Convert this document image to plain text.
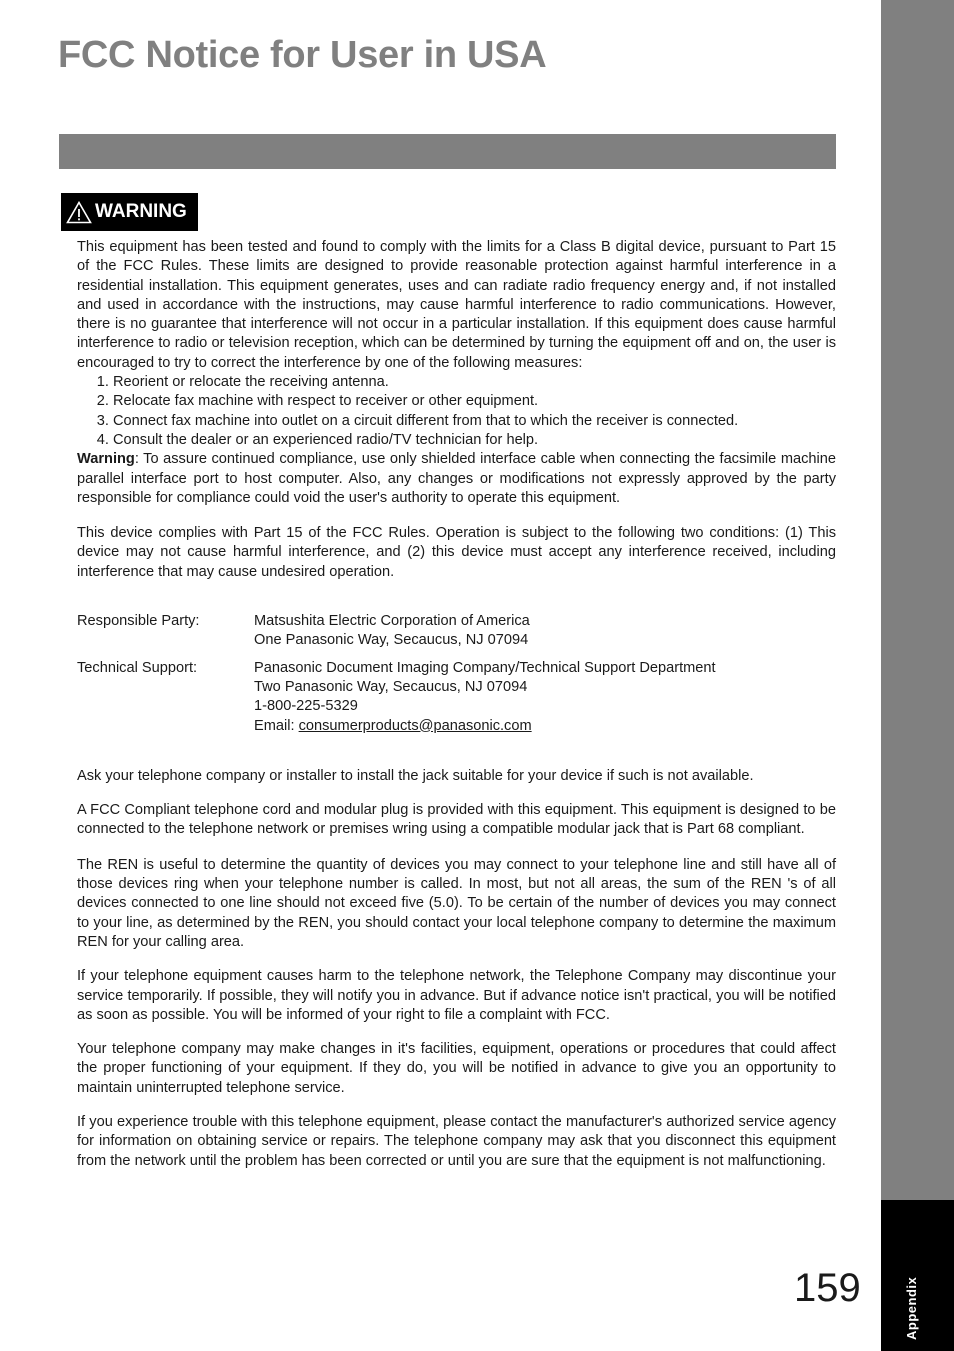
Appendix
FCC Notice for User in USA
WARNING

This equipment has been tested and found to comply with the limits for a Class B digital device, pursuant to Part 15 of the FCC Rules. These limits are designed to provide reasonable protection against harmful interference in a residential installation. This equipment generates, uses and can radiate radio frequency energy and, if not installed and used in accordance with the instructions, may cause harmful interference to radio communications. However, there is no guarantee that interference will not occur in a particular installation. If this equipment does cause harmful interference to radio or television reception, which can be determined by turning the equipment off and on, the user is encouraged to try to correct the interference by one of the following measures:

1. Reorient or relocate the receiving antenna.
2. Relocate fax machine with respect to receiver or other equipment.
3. Connect fax machine into outlet on a circuit different from that to which the receiver is connected.
4. Consult the dealer or an experienced radio/TV technician for help.

Warning: To assure continued compliance, use only shielded interface cable when connecting the facsimile machine parallel interface port to host computer. Also, any changes or modifications not expressly approved by the party responsible for compliance could void the user's authority to operate this equipment.

This device complies with Part 15 of the FCC Rules. Operation is subject to the following two conditions: (1) This device may not cause harmful interference, and (2) this device must accept any interference received, including interference that may cause undesired operation.

Responsible Party:	Matsushita Electric Corporation of America
One Panasonic Way, Secaucus, NJ 07094
Technical Support:	Panasonic Document Imaging Company/Technical Support Department
Two Panasonic Way, Secaucus, NJ 07094
1-800-225-5329
Email: consumerproducts@panasonic.com

Ask your telephone company or installer to install the jack suitable for your device if such is not available.

A FCC Compliant telephone cord and modular plug is provided with this equipment. This equipment is designed to be connected to the telephone network or premises wring using a compatible modular jack that is Part 68 compliant.

The REN is useful to determine the quantity of devices you may connect to your telephone line and still have all of those devices ring when your telephone number is called. In most, but not all areas, the sum of the REN 's of all devices connected to one line should not exceed five (5.0). To be certain of the number of devices you may connect to your line, as determined by the REN, you should contact your local telephone company to determine the maximum REN for your calling area.

If your telephone equipment causes harm to the telephone network, the Telephone Company may discontinue your service temporarily. If possible, they will notify you in advance. But if advance notice isn't practical, you will be notified as soon as possible. You will be informed of your right to file a complaint with FCC.

Your telephone company may make changes in it's facilities, equipment, operations or procedures that could affect the proper functioning of your equipment. If they do, you will be notified in advance to give you an opportunity to maintain uninterrupted telephone service.

If you experience trouble with this telephone equipment, please contact the manufacturer's authorized service agency for information on obtaining service or repairs. The telephone company may ask that you disconnect this equipment from the network until the problem has been corrected or until you are sure that the equipment is not malfunctioning.

159
